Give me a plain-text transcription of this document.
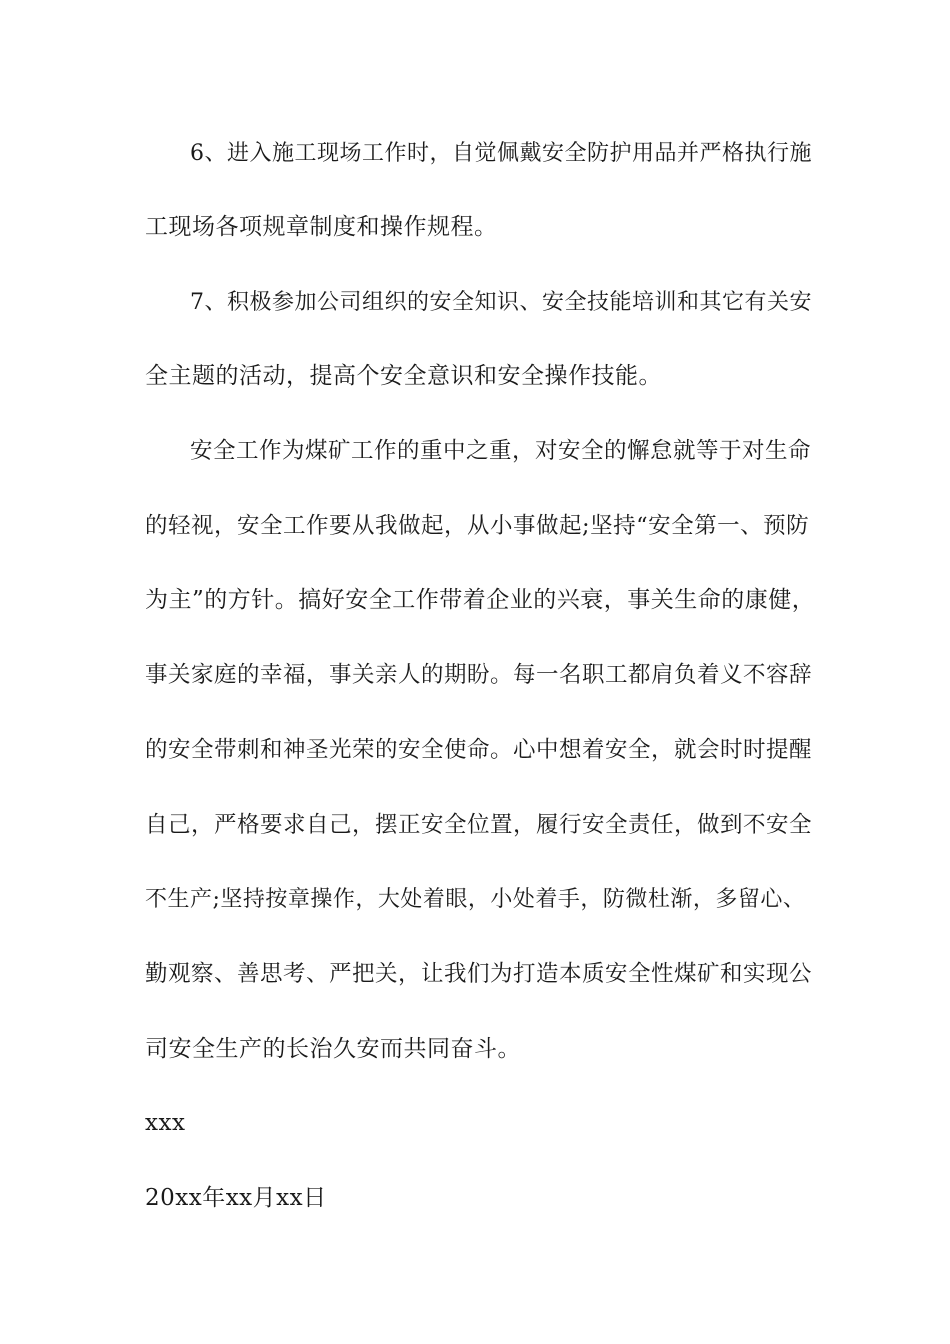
6、进入施工现场工作时，自觉佩戴安全防护用品并严格执行施
工现场各项规章制度和操作规程。
7、积极参加公司组织的安全知识、安全技能培训和其它有关安
全主题的活动，提高个安全意识和安全操作技能。
安全工作为煤矿工作的重中之重，对安全的懈怠就等于对生命
的轻视，安全工作要从我做起，从小事做起;坚持“安全第一、预防
为主”的方针。搞好安全工作带着企业的兴衰，事关生命的康健，
事关家庭的幸福，事关亲人的期盼。每一名职工都肩负着义不容辞
的安全带刺和神圣光荣的安全使命。心中想着安全，就会时时提醒
自己，严格要求自己，摆正安全位置，履行安全责任，做到不安全
不生产;坚持按章操作，大处着眼，小处着手，防微杜渐，多留心、
勤观察、善思考、严把关，让我们为打造本质安全性煤矿和实现公
司安全生产的长治久安而共同奋斗。
xxx
20xx年xx月xx日
